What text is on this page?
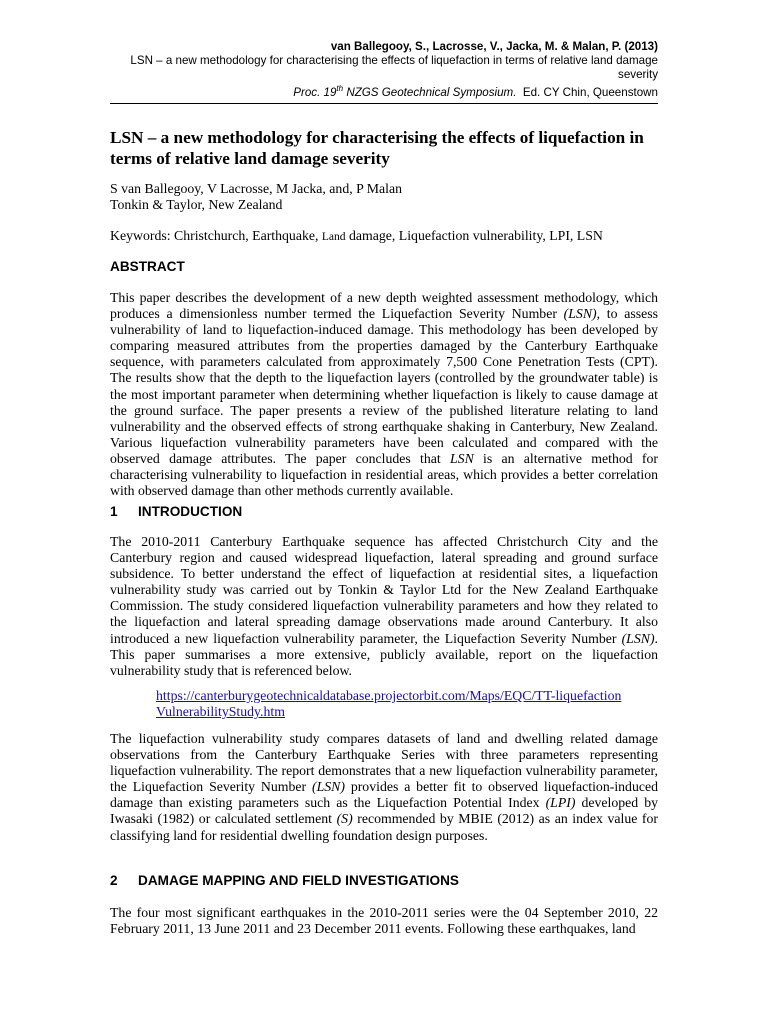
van Ballegooy, S., Lacrosse, V., Jacka, M. & Malan, P. (2013)
LSN – a new methodology for characterising the effects of liquefaction in terms of relative land damage severity
Proc. 19th NZGS Geotechnical Symposium.  Ed. CY Chin, Queenstown
LSN – a new methodology for characterising the effects of liquefaction in terms of relative land damage severity
S van Ballegooy, V Lacrosse, M Jacka, and, P Malan
Tonkin & Taylor, New Zealand
Keywords: Christchurch, Earthquake, Land damage, Liquefaction vulnerability, LPI, LSN
ABSTRACT
This paper describes the development of a new depth weighted assessment methodology, which produces a dimensionless number termed the Liquefaction Severity Number (LSN), to assess vulnerability of land to liquefaction-induced damage. This methodology has been developed by comparing measured attributes from the properties damaged by the Canterbury Earthquake sequence, with parameters calculated from approximately 7,500 Cone Penetration Tests (CPT). The results show that the depth to the liquefaction layers (controlled by the groundwater table) is the most important parameter when determining whether liquefaction is likely to cause damage at the ground surface. The paper presents a review of the published literature relating to land vulnerability and the observed effects of strong earthquake shaking in Canterbury, New Zealand. Various liquefaction vulnerability parameters have been calculated and compared with the observed damage attributes. The paper concludes that LSN is an alternative method for characterising vulnerability to liquefaction in residential areas, which provides a better correlation with observed damage than other methods currently available.
1 INTRODUCTION
The 2010-2011 Canterbury Earthquake sequence has affected Christchurch City and the Canterbury region and caused widespread liquefaction, lateral spreading and ground surface subsidence. To better understand the effect of liquefaction at residential sites, a liquefaction vulnerability study was carried out by Tonkin & Taylor Ltd for the New Zealand Earthquake Commission. The study considered liquefaction vulnerability parameters and how they related to the liquefaction and lateral spreading damage observations made around Canterbury. It also introduced a new liquefaction vulnerability parameter, the Liquefaction Severity Number (LSN). This paper summarises a more extensive, publicly available, report on the liquefaction vulnerability study that is referenced below.
https://canterburygeotechnicaldatabase.projectorbit.com/Maps/EQC/TT-liquefactionVulnerabilityStudy.htm
The liquefaction vulnerability study compares datasets of land and dwelling related damage observations from the Canterbury Earthquake Series with three parameters representing liquefaction vulnerability. The report demonstrates that a new liquefaction vulnerability parameter, the Liquefaction Severity Number (LSN) provides a better fit to observed liquefaction-induced damage than existing parameters such as the Liquefaction Potential Index (LPI) developed by Iwasaki (1982) or calculated settlement (S) recommended by MBIE (2012) as an index value for classifying land for residential dwelling foundation design purposes.
2 DAMAGE MAPPING AND FIELD INVESTIGATIONS
The four most significant earthquakes in the 2010-2011 series were the 04 September 2010, 22 February 2011, 13 June 2011 and 23 December 2011 events. Following these earthquakes, land
